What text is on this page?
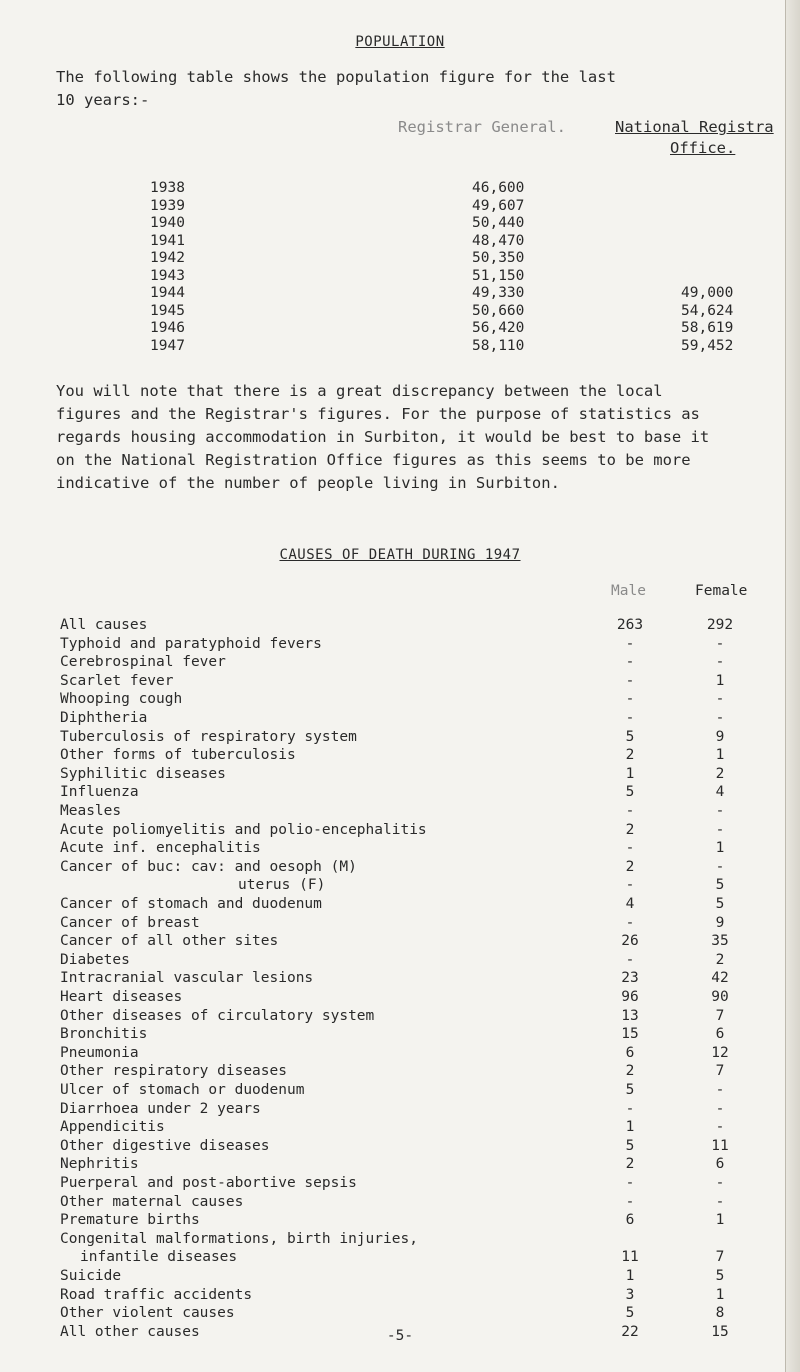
POPULATION
The following table shows the population figure for the last
10 years:-
Registrar General.	National Registra
Office.
1938	46,600
1939	49,607
1940	50,440
1941	48,470
1942	50,350
1943	51,150
1944	49,330	49,000
1945	50,660	54,624
1946	56,420	58,619
1947	58,110	59,452
You will note that there is a great discrepancy between the local
figures and the Registrar's figures. For the purpose of statistics as
regards housing accommodation in Surbiton, it would be best to base it
on the National Registration Office figures as this seems to be more
indicative of the number of people living in Surbiton.
CAUSES OF DEATH DURING 1947
Male	Female
All causes	263	292
Typhoid and paratyphoid fevers	-	-
Cerebrospinal fever	-	-
Scarlet fever	-	1
Whooping cough	-	-
Diphtheria	-	-
Tuberculosis of respiratory system	5	9
Other forms of tuberculosis	2	1
Syphilitic diseases	1	2
Influenza	5	4
Measles	-	-
Acute poliomyelitis and polio-encephalitis	2	-
Acute inf. encephalitis	-	1
Cancer of buc: cav: and oesoph (M)	2	-
uterus (F)	-	5
Cancer of stomach and duodenum	4	5
Cancer of breast	-	9
Cancer of all other sites	26	35
Diabetes	-	2
Intracranial vascular lesions	23	42
Heart diseases	96	90
Other diseases of circulatory system	13	7
Bronchitis	15	6
Pneumonia	6	12
Other respiratory diseases	2	7
Ulcer of stomach or duodenum	5	-
Diarrhoea under 2 years	-	-
Appendicitis	1	-
Other digestive diseases	5	11
Nephritis	2	6
Puerperal and post-abortive sepsis	-	-
Other maternal causes	-	-
Premature births	6	1
Congenital malformations, birth injuries,
infantile diseases	11	7
Suicide	1	5
Road traffic accidents	3	1
Other violent causes	5	8
All other causes	22	15
-5-
